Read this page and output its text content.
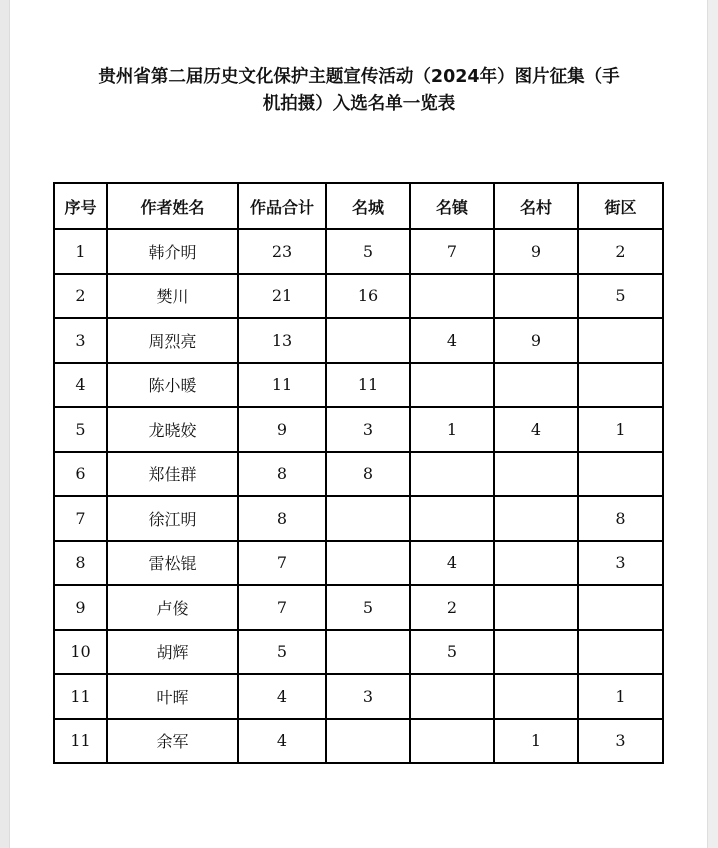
贵州省第二届历史文化保护主题宣传活动（2024年）图片征集（手
机拍摄）入选名单一览表
序号	作者姓名	作品合计	名城	名镇	名村	街区
1	韩介明	23	5	7	9	2
2	樊川	21	16			5
3	周烈亮	13		4	9	
4	陈小暖	11	11			
5	龙晓姣	9	3	1	4	1
6	郑佳群	8	8			
7	徐江明	8				8
8	雷松锟	7		4		3
9	卢俊	7	5	2		
10	胡辉	5		5		
11	叶晖	4	3			1
11	余军	4			1	3
